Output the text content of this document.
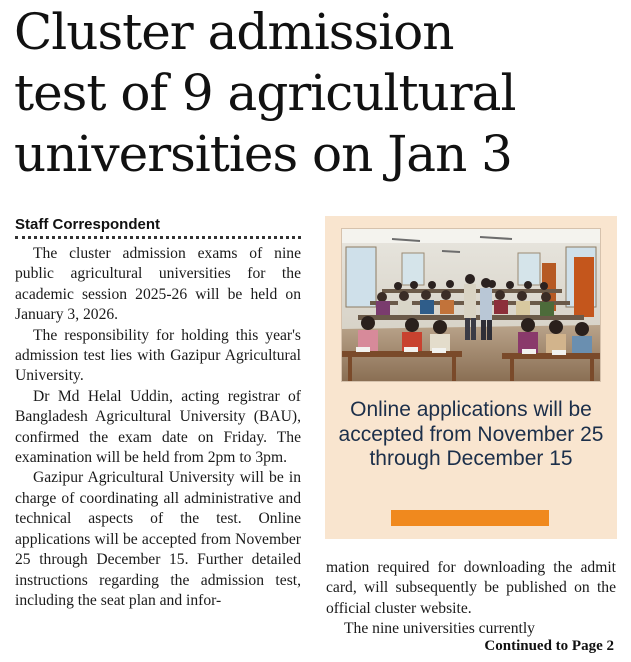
Cluster admission
test of 9 agricultural
universities on Jan 3
Staff Correspondent

The cluster admission exams of nine public agricultural universities for the academic session 2025-26 will be held on January 3, 2026.

The responsibility for holding this year's admission test lies with Gazipur Agricultural University.

Dr Md Helal Uddin, acting registrar of Bangladesh Agricultural University (BAU), confirmed the exam date on Friday. The examination will be held from 2pm to 3pm.

Gazipur Agricultural University will be in charge of coordinating all administrative and technical aspects of the test. Online applications will be accepted from November 25 through December 15. Further detailed instructions regarding the admission test, including the seat plan and infor-

Online applications will be accepted from November 25 through December 15

mation required for downloading the admit card, will subsequently be published on the official cluster website.

The nine universities currently

Continued to Page 2
